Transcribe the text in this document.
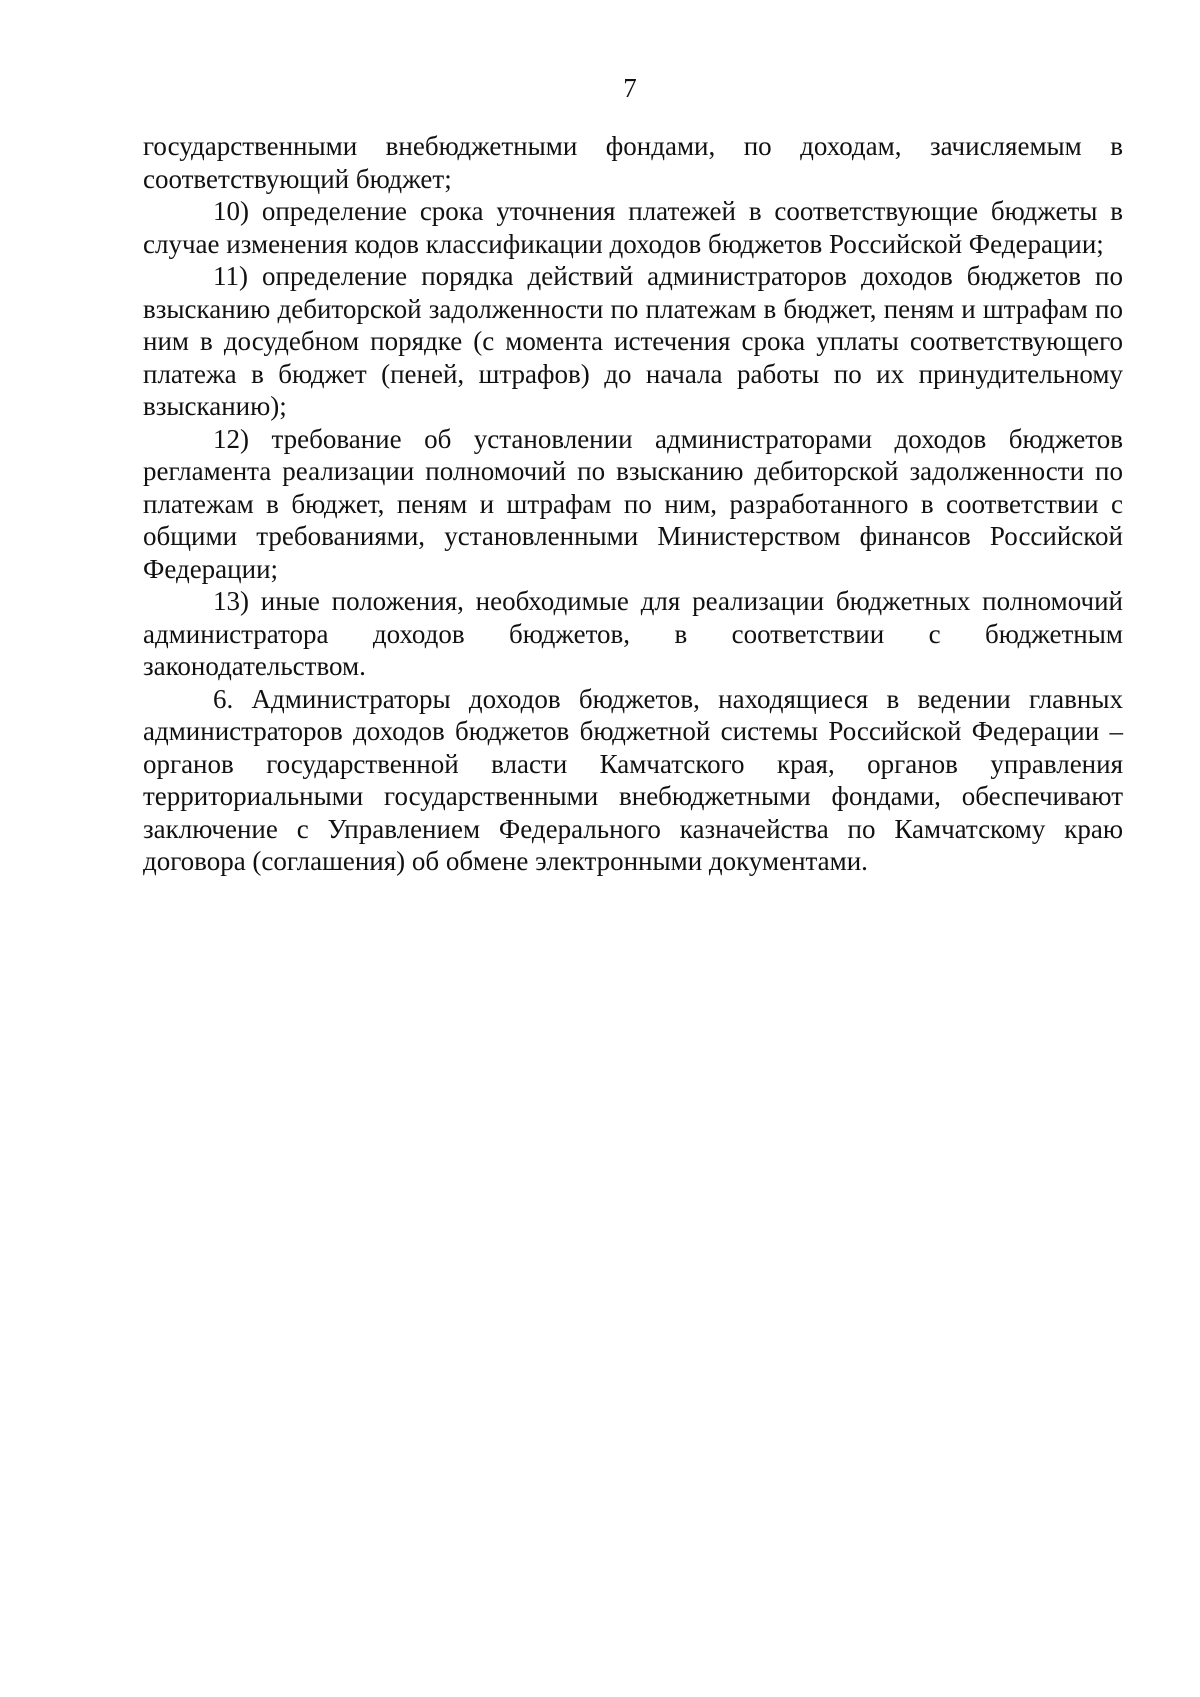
7

государственными внебюджетными фондами, по доходам, зачисляемым в соответствующий бюджет;

10) определение срока уточнения платежей в соответствующие бюджеты в случае изменения кодов классификации доходов бюджетов Российской Федерации;

11) определение порядка действий администраторов доходов бюджетов по взысканию дебиторской задолженности по платежам в бюджет, пеням и штрафам по ним в досудебном порядке (с момента истечения срока уплаты соответствующего платежа в бюджет (пеней, штрафов) до начала работы по их принудительному взысканию);

12) требование об установлении администраторами доходов бюджетов регламента реализации полномочий по взысканию дебиторской задолженности по платежам в бюджет, пеням и штрафам по ним, разработанного в соответствии с общими требованиями, установленными Министерством финансов Российской Федерации;

13) иные положения, необходимые для реализации бюджетных полномочий администратора доходов бюджетов, в соответствии с бюджетным законодательством.

6. Администраторы доходов бюджетов, находящиеся в ведении главных администраторов доходов бюджетов бюджетной системы Российской Федерации – органов государственной власти Камчатского края, органов управления территориальными государственными внебюджетными фондами, обеспечивают заключение с Управлением Федерального казначейства по Камчатскому краю договора (соглашения) об обмене электронными документами.
